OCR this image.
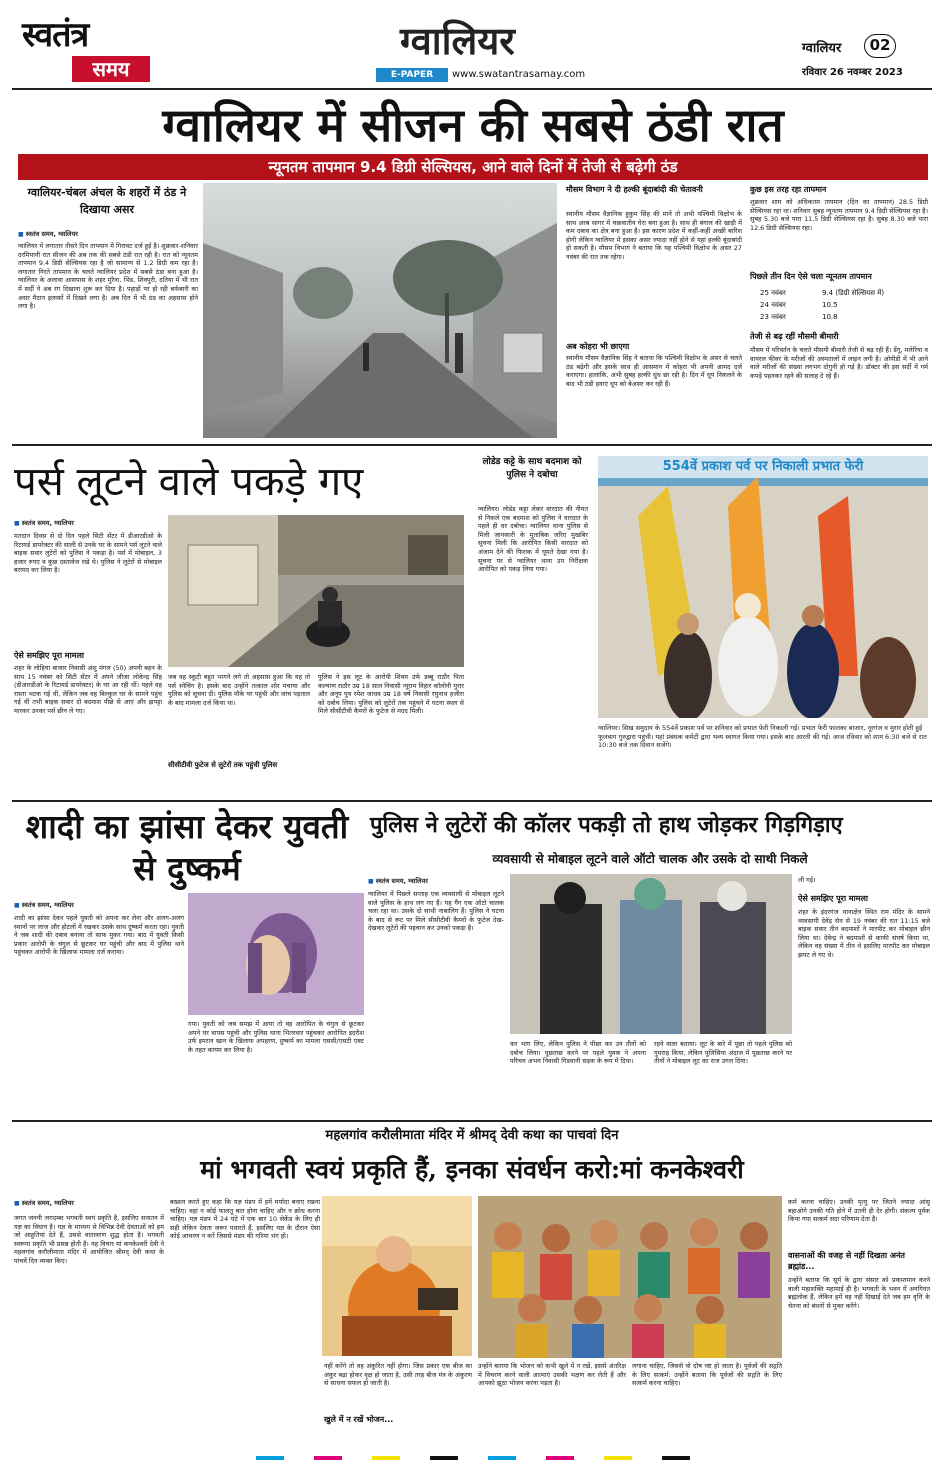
स्वतंत्र
समय
ग्वालियर
E-PAPER	www.swatantrasamay.com
ग्वालियर	02
रविवार 26 नवम्बर 2023
ग्वालियर में सीजन की सबसे ठंडी रात
न्यूनतम तापमान 9.4 डिग्री सेल्सियस, आने वाले दिनों में तेजी से बढ़ेगी ठंड
ग्वालियर-चंबल अंचल के शहरों में ठंड ने दिखाया असर
■ स्वतंत्र समय, ग्वालियर
ग्वालियर में लगातार तीसरे दिन तापमान में गिरावट दर्ज हुई है। शुक्रवार-शनिवार दरमियानी रात सीजन की अब तक की सबसे ठंडी रात रही है। रात को न्यूनतम तापमान 9.4 डिग्री सेल्सियस रहा है जो सामान्य से 1.2 डिग्री कम रहा है। लगातार गिरते तापमान के चलते ग्वालियर प्रदेश में सबसे ठंडा बना हुआ है। ग्वालियर के अलावा आसपास के शहर मुरैना, भिंड, शिवपुरी, दतिया में भी रात में सर्दी ने अब रंग दिखाना शुरू कर दिया है। पहाड़ों पर हो रही बर्फबारी का असर मैदान इलाकों में दिखने लगा है। अब दिन में भी ठंड का अहसास होने लगा है।
मौसम विभाग ने दी हल्की बूंदाबांदी की चेतावनी
स्थानीय मौसम वैज्ञानिक हुकुम सिंह की मानें तो अभी पश्चिमी विक्षोभ के साथ अरब सागर में चक्रवातीय घेरा बना हुआ है। साथ ही बंगाल की खाड़ी में कम दबाव का क्षेत्र बना हुआ है। इस कारण प्रदेश में कहीं-कहीं अच्छी बारिश होगी लेकिन ग्वालियर में इसका असर ज्यादा नहीं होने से यहां हल्की बूंदाबांदी हो सकती है। मौसम विभाग ने बताया कि यह पश्चिमी विक्षोभ के असर 27 नवंबर की रात तक रहेगा।
अब कोहरा भी छाएगा
स्थानीय मौसम वैज्ञानिक सिंह ने बताया कि पश्चिमी विक्षोभ के असर से चलते ठंड बढ़ेगी और इसके साथ ही आसमान में कोहरा भी अपनी आमद दर्ज कराएगा। हालांकि, अभी सुबह हल्की धुंध छा रही है। दिन में धूप निकलने के बाद भी ठंडी हवाएं धूप को बेअसर कर रही हैं।
कुछ इस तरह रहा तापमान
शुक्रवार शाम को अधिकतम तापमान (दिन का तापमान) 28.5 डिग्री सेल्सियस रहा था। शनिवार सुबह न्यूनतम तापमान 9.4 डिग्री सेल्सियस रहा है। सुबह 5.30 बजे पारा 11.5 डिग्री सेल्सियस रहा है। सुबह 8.30 बजे पारा 12.6 डिग्री सेल्सियस रहा।
पिछले तीन दिन ऐसे चला न्यूनतम तापमान
25 नवंबर	9.4 (डिग्री सेल्सियस में)
24 नवंबर	10.5
23 नवंबर	10.8
तेजी से बढ़ रहीं मौसमी बीमारी
मौसम में परिवर्तन के चलते मौसमी बीमारी तेजी से बढ़ रही हैं। डेंगू, मलेरिया व वायरल फीवर के मरीजों की अस्पतालों में लाइन लगी है। ओपीडी में भी आने वाले मरीजों की संख्या लगभग दोगुनी हो गई है। डॉक्टर की इस सर्दी में गर्म कपड़े पहनकर रहने की सलाह दे रहे हैं।
पर्स लूटने वाले पकड़े गए
■ स्वतंत्र समय, ग्वालियर
मतदान दिवस से दो दिन पहले सिटी सेंटर में डीआरडीओ के रिटायर्ड डायरेक्टर की साली से उनके घर के सामने पर्स लूटने वाले बाइक सवार लुटेरों को पुलिस ने पकड़ा है। पर्स में मोबाइल, 3 हजार रुपए व कुछ दस्तावेज रखे थे। पुलिस ने लुटेरों से मोबाइल बरामद कर लिया है।
ऐसे समझिए पूरा मामला
शहर के लोहिया बाजार निवासी अंशु मंगल (50) अपनी बहन के साथ 15 नवंबर को सिटी सेंटर में अपने जीजा लोकेन्द्र सिंह (डीआरडीओ के रिटायर्ड डायरेक्टर) के घर आ रही थीं। पहले वह रास्ता भटक गई थीं, लेकिन जब वह बिल्कुल घर के सामने पहुंच गई थीं तभी बाइक सवार दो बदमाश पीछे से आए और झपट्टा मारकर उनका पर्स छीन ले गए।
जब वह स्कूटी बहुत भागने लगे तो अहसास हुआ कि यह तो पर्स स्नेचिंग है। इसके बाद उन्होंने तत्काल शोर मचाया और पुलिस को सूचना दी। पुलिस मौके पर पहुंची और जांच पड़ताल के बाद मामला दर्ज किया था।
सीसीटीवी फुटेज से लुटेरों तक पहुंची पुलिस
पुलिस ने इस लूट के आरोपी शिवम उर्फ डब्बू राठौर पिता कल्याण राठौर उम्र 18 साल निवासी न्यूराम विहार कॉलोनी मुरार और अनूप पुत्र रमेश जाधव उम्र 18 वर्ष निवासी रघुनाथ हजीरा को दबोच लिया। पुलिस को लुटेरों तक पहुंचने में घटना स्थल से मिले सीसीटीवी कैमरों के फुटेज से मदद मिली।
लोडेड कट्टे के साथ बदमाश को पुलिस ने दबोचा
ग्वालियर। लोडेड कट्टा लेकर वारदात की नीयत से निकले एक बदमाश को पुलिस ने वारदात के पहले ही धर दबोचा। ग्वालियर थाना पुलिस से मिली जानकारी के मुताबिक जरिए मुखबिर सूचना मिली कि आरोपित किसी वारदात को अंजाम देने की फिराक में घूमते देखा गया है। सूचना पर से ग्वालियर थाना उप निरीक्षक आरोपित को पकड़ लिया गया।
554वें प्रकाश पर्व पर निकाली प्रभात फेरी
ग्वालियर। सिख समुदाय के 554वें प्रकाश पर्व पर शनिवार को प्रभात फेरी निकाली गई। प्रभात फेरी फालका बाजार, नूरगंज व मुरार होती हुई फूलबाग गुरुद्वारा पहुंची। यहां प्रबंधक कमेटी द्वारा भव्य स्वागत किया गया। इसके बाद आरती की गई। आज रविवार को शाम 6:30 बजे से रात 10:30 बजे तक दिवान सजेंगे।
शादी का झांसा देकर युवती से दुष्कर्म
■ स्वतंत्र समय, ग्वालियर
शादी का झांसा देकर पहले युवती को अपना कर लेना और अलग-अलग स्थानों पर लाज और होटलों में रखकर उसके साथ दुष्कर्म करता रहा। युवती ने जब शादी की दबाव बनाया तो साफ मुकर गया। बाद में युवती किसी प्रकार आरोपी के चंगुल से छूटकर घर पहुंची और बाद में पुलिस थाने पहुंचकर आरोपी के खिलाफ मामला दर्ज कराया।
गया। युवती को जब समझ में आया तो वह आरोपित के चंगुल से छूटकर अपने घर वापस पहुंची और पुलिस थाना भितरवार पहुंचकर आरोपित इदरीश उर्फ इमरान खान के खिलाफ अपहरण, दुष्कर्म का मामला एससी/एसटी एक्ट के तहत कायम कर लिया है।
पुलिस ने लुटेरों की कॉलर पकड़ी तो हाथ जोड़कर गिड़गिड़ाए
व्यवसायी से मोबाइल लूटने वाले ऑटो चालक और उसके दो साथी निकले
■ स्वतंत्र समय, ग्वालियर
ग्वालियर में पिछले सप्ताह एक व्यवसायी से मोबाइल लूटने वाले पुलिस के हाथ लग गए हैं। यह गैंग एक ऑटो चालक चला रहा था। उसके दो साथी नाबालिग हैं। पुलिस ने घटना के बाद से रूट पर मिले सीसीटीवी कैमरों के फुटेज देख-देखकर लुटेरों की पहचान कर उनको पकड़ा है।
कर भाग लिए, लेकिन पुलिस ने पीछा कर उन तीनों को दबोच लिया। पूछताछ करने पर पहले युवक ने अपना परिचय अभय निवासी गिडवानी सड़क के रूप में दिया।
रहने वाला बताया। लूट के बारे में पूछा तो पहले पुलिस को गुमराह किया, लेकिन पुलिसिया अंदाज में पूछताछ करने पर तीनों ने मोबाइल लूट का राज उगल दिया।
ली गई।
ऐसे समझिए पूरा मामला
शहर के इंदरगंज थानाक्षेत्र स्थित राम मंदिर के सामने व्यवसायी देवेंद्र सेन से 19 नवंबर की रात 11:15 बजे बाइक सवार तीन बदमाशों ने मारपीट कर मोबाइल छीन लिया था। देवेन्द्र ने बदमाशों से काफी संघर्ष किया था, लेकिन वह संख्या में तीन थे इसलिए मारपीट कर मोबाइल झपट ले गए थे।
महलगांव करौलीमाता मंदिर में श्रीमद् देवी कथा का पाचवां दिन
मां भगवती स्वयं प्रकृति हैं, इनका संवर्धन करो:मां कनकेश्वरी
■ स्वतंत्र समय, ग्वालियर
जगत जननी जगदम्बा भगवती स्वयं प्रकृति है, इसलिए सनातन में यज्ञ का विधान है। यज्ञ के माध्यम से विभिन्न देवी देवताओं को हम जो आहुतियां देते हैं, उससे वातावरण शुद्ध होता है। भगवती स्वरूपा प्रकृति भी प्रसन्न होती है। यह विचार मां कनकेश्वरी देवी ने महलगांव करौलीमाता मंदिर में आयोजित श्रीमद् देवी कथा के पांचवें दिन व्यक्त किए।
बख्शन करते हुए कहा कि यज्ञ मंडप में हमें मर्यादा बनाए रखना चाहिए। वहां न कोई फालतू बात होना चाहिए और न क्रोध करना चाहिए। यज्ञ मंडप में 24 घंटे में एक बार 10 सेकेंड के लिए ही सही लेकिन देवता जरूर पधारते हैं, इसलिए यज्ञ के दौरान ऐसा कोई आचरण न करें जिससे मंडप की गरिमा भंग हो।
नहीं करेंगे तो वह अंकुरित नहीं होगा। जिस प्रकार एक बीज का अंकुर बढ़ा होकर वृक्ष हो जाता है, उसी तरह बीज मंत्र के अंकुरण से साधना सफल हो जाती है।
खुले में न रखें भोजन...
उन्होंने बताया कि भोजन को कभी खुले में न रखें, इससे अंतरिक्ष में विचरण करने वाली आत्माएं उसकी भक्षण कर लेती हैं और आपको झूठा भोजन करना पड़ता है।
लगाना चाहिए, जिससे वो दोष नष्ट हो जाता है। पूर्वजों की सद्गति के लिए सत्कर्म: उन्होंने बताया कि पूर्वजों की सद्गति के लिए सत्कर्म करना चाहिए।
कर्म करना चाहिए। उनकी मृत्यु पर जितने ज्यादा आंसू बहाओगे उनकी गति होने में उतनी ही देर होगी। संकल्प पूर्वक किया गया सत्कर्म सदा परिणाम देता है।
वासनाओं की वजह से नहीं दिखता अनंत ब्रह्मांड...
उन्होंने बताया कि सूर्य के द्वारा संसार को प्रकाशमान करने वाली महाशक्ति महामाई ही है। भगवती के भवन में अनगिनत ब्रह्मलोक हैं, लेकिन हमें वह नहीं दिखाई देते जब हम वृत्ति के चेतना को बंधनों से मुक्त करेंगे।
